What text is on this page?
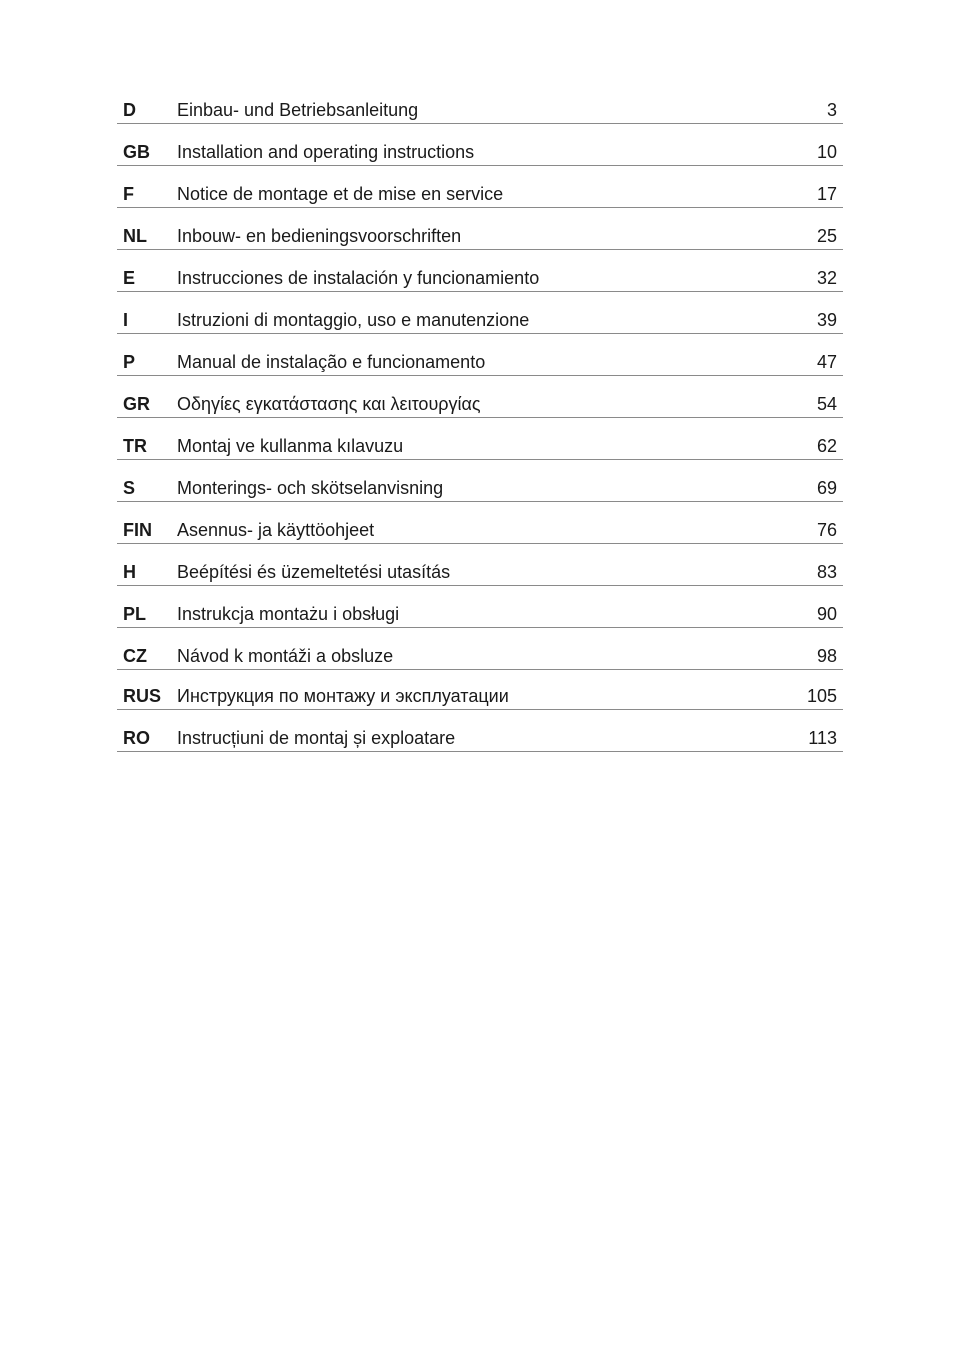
D	Einbau- und Betriebsanleitung	3
GB	Installation and operating instructions	10
F	Notice de montage et de mise en service	17
NL	Inbouw- en bedieningsvoorschriften	25
E	Instrucciones de instalación y funcionamiento	32
I	Istruzioni di montaggio, uso e manutenzione	39
P	Manual de instalação e funcionamento	47
GR	Οδηγίες εγκατάστασης και λειτουργίας	54
TR	Montaj ve kullanma kılavuzu	62
S	Monterings- och skötselanvisning	69
FIN	Asennus- ja käyttöohjeet	76
H	Beépítési és üzemeltetési utasítás	83
PL	Instrukcja montażu i obsługi	90
CZ	Návod k montáži a obsluze	98
RUS Инструкция по монтажу и эксплуатации	105
RO	Instrucțiuni de montaj și exploatare	113
